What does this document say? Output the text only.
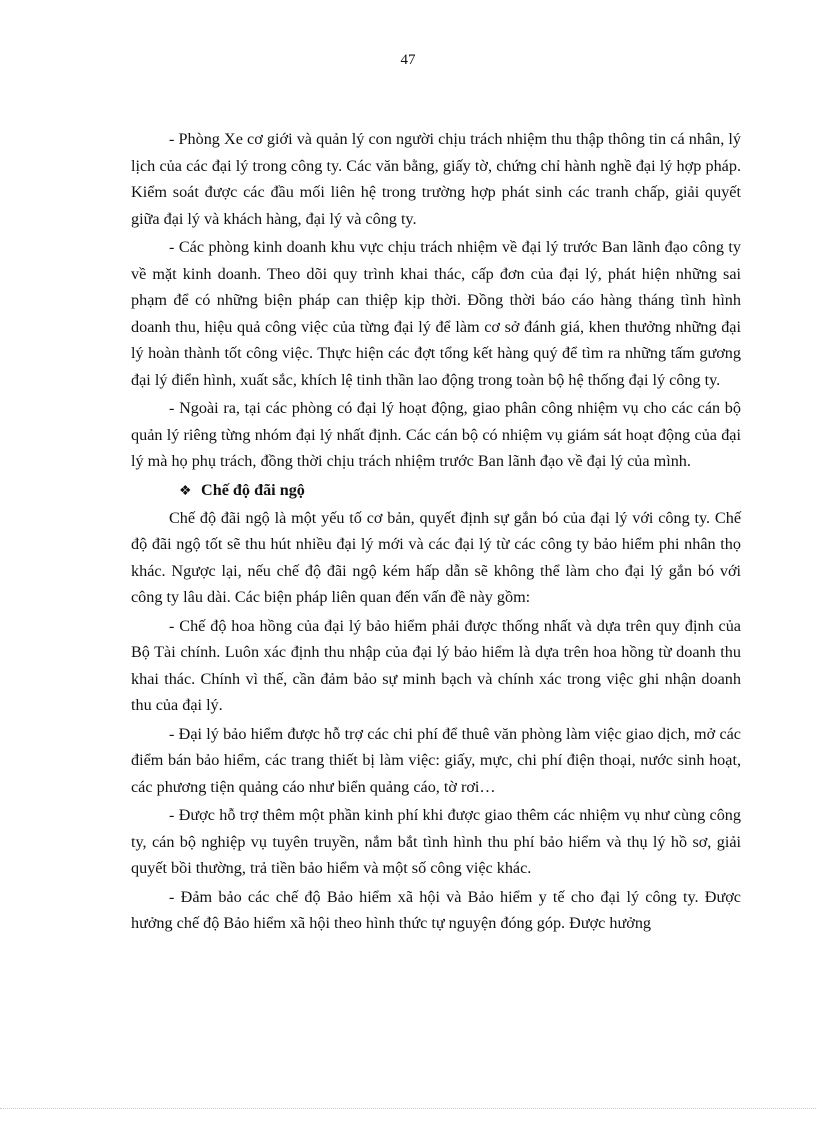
47

- Phòng Xe cơ giới và quản lý con người chịu trách nhiệm thu thập thông tin cá nhân, lý lịch của các đại lý trong công ty. Các văn bằng, giấy tờ, chứng chỉ hành nghề đại lý hợp pháp. Kiểm soát được các đầu mối liên hệ trong trường hợp phát sinh các tranh chấp, giải quyết giữa đại lý và khách hàng, đại lý và công ty.

- Các phòng kinh doanh khu vực chịu trách nhiệm về đại lý trước Ban lãnh đạo công ty về mặt kinh doanh. Theo dõi quy trình khai thác, cấp đơn của đại lý, phát hiện những sai phạm để có những biện pháp can thiệp kịp thời. Đồng thời báo cáo hàng tháng tình hình doanh thu, hiệu quả công việc của từng đại lý để làm cơ sở đánh giá, khen thưởng những đại lý hoàn thành tốt công việc. Thực hiện các đợt tổng kết hàng quý để tìm ra những tấm gương đại lý điển hình, xuất sắc, khích lệ tinh thần lao động trong toàn bộ hệ thống đại lý công ty.

- Ngoài ra, tại các phòng có đại lý hoạt động, giao phân công nhiệm vụ cho các cán bộ quản lý riêng từng nhóm đại lý nhất định. Các cán bộ có nhiệm vụ giám sát hoạt động của đại lý mà họ phụ trách, đồng thời chịu trách nhiệm trước Ban lãnh đạo về đại lý của mình.

❖ Chế độ đãi ngộ

Chế độ đãi ngộ là một yếu tố cơ bản, quyết định sự gắn bó của đại lý với công ty. Chế độ đãi ngộ tốt sẽ thu hút nhiều đại lý mới và các đại lý từ các công ty bảo hiểm phi nhân thọ khác. Ngược lại, nếu chế độ đãi ngộ kém hấp dẫn sẽ không thể làm cho đại lý gắn bó với công ty lâu dài. Các biện pháp liên quan đến vấn đề này gồm:

- Chế độ hoa hồng của đại lý bảo hiểm phải được thống nhất và dựa trên quy định của Bộ Tài chính. Luôn xác định thu nhập của đại lý bảo hiểm là dựa trên hoa hồng từ doanh thu khai thác. Chính vì thế, cần đảm bảo sự minh bạch và chính xác trong việc ghi nhận doanh thu của đại lý.

- Đại lý bảo hiểm được hỗ trợ các chi phí để thuê văn phòng làm việc giao dịch, mở các điểm bán bảo hiểm, các trang thiết bị làm việc: giấy, mực, chi phí điện thoại, nước sinh hoạt, các phương tiện quảng cáo như biển quảng cáo, tờ rơi…

- Được hỗ trợ thêm một phần kinh phí khi được giao thêm các nhiệm vụ như cùng công ty, cán bộ nghiệp vụ tuyên truyền, nắm bắt tình hình thu phí bảo hiểm và thụ lý hồ sơ, giải quyết bồi thường, trả tiền bảo hiểm và một số công việc khác.

- Đảm bảo các chế độ Bảo hiểm xã hội và Bảo hiểm y tế cho đại lý công ty. Được hưởng chế độ Bảo hiểm xã hội theo hình thức tự nguyện đóng góp. Được hưởng
